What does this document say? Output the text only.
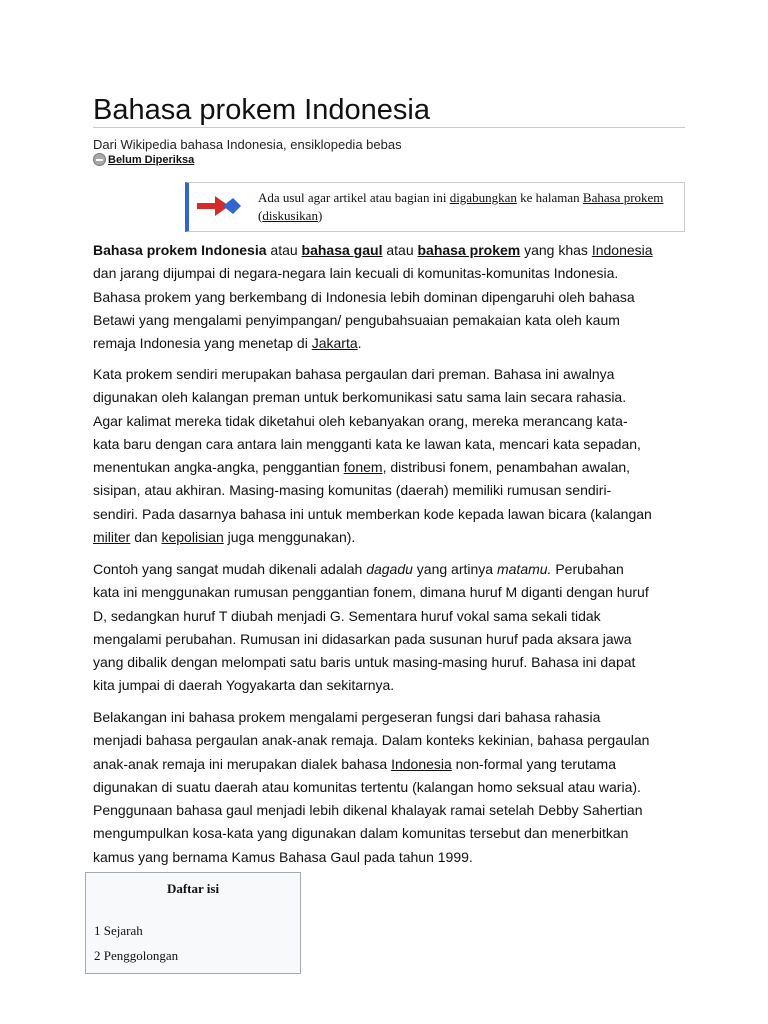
Bahasa prokem Indonesia
Dari Wikipedia bahasa Indonesia, ensiklopedia bebas
Belum Diperiksa
Ada usul agar artikel atau bagian ini digabungkan ke halaman Bahasa prokem (diskusikan)

Bahasa prokem Indonesia atau bahasa gaul atau bahasa prokem yang khas Indonesia dan jarang dijumpai di negara-negara lain kecuali di komunitas-komunitas Indonesia. Bahasa prokem yang berkembang di Indonesia lebih dominan dipengaruhi oleh bahasa Betawi yang mengalami penyimpangan/ pengubahsuaian pemakaian kata oleh kaum remaja Indonesia yang menetap di Jakarta.

Kata prokem sendiri merupakan bahasa pergaulan dari preman. Bahasa ini awalnya digunakan oleh kalangan preman untuk berkomunikasi satu sama lain secara rahasia. Agar kalimat mereka tidak diketahui oleh kebanyakan orang, mereka merancang kata-kata baru dengan cara antara lain mengganti kata ke lawan kata, mencari kata sepadan, menentukan angka-angka, penggantian fonem, distribusi fonem, penambahan awalan, sisipan, atau akhiran. Masing-masing komunitas (daerah) memiliki rumusan sendiri-sendiri. Pada dasarnya bahasa ini untuk memberkan kode kepada lawan bicara (kalangan militer dan kepolisian juga menggunakan).

Contoh yang sangat mudah dikenali adalah dagadu yang artinya matamu. Perubahan kata ini menggunakan rumusan penggantian fonem, dimana huruf M diganti dengan huruf D, sedangkan huruf T diubah menjadi G. Sementara huruf vokal sama sekali tidak mengalami perubahan. Rumusan ini didasarkan pada susunan huruf pada aksara jawa yang dibalik dengan melompati satu baris untuk masing-masing huruf. Bahasa ini dapat kita jumpai di daerah Yogyakarta dan sekitarnya.

Belakangan ini bahasa prokem mengalami pergeseran fungsi dari bahasa rahasia menjadi bahasa pergaulan anak-anak remaja. Dalam konteks kekinian, bahasa pergaulan anak-anak remaja ini merupakan dialek bahasa Indonesia non-formal yang terutama digunakan di suatu daerah atau komunitas tertentu (kalangan homo seksual atau waria). Penggunaan bahasa gaul menjadi lebih dikenal khalayak ramai setelah Debby Sahertian mengumpulkan kosa-kata yang digunakan dalam komunitas tersebut dan menerbitkan kamus yang bernama Kamus Bahasa Gaul pada tahun 1999.

Daftar isi
1 Sejarah
2 Penggolongan
